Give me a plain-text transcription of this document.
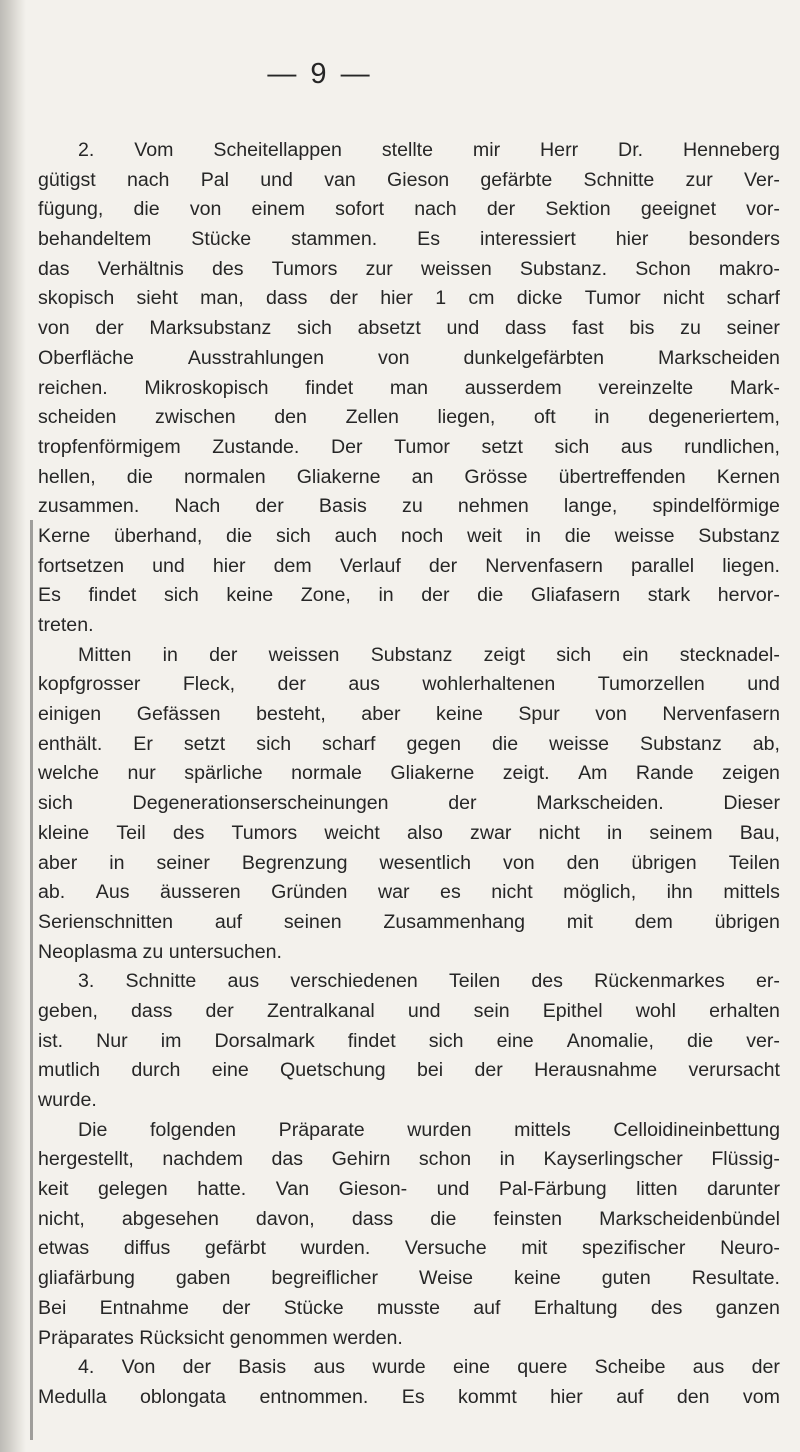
— 9 —
2. Vom Scheitellappen stellte mir Herr Dr. Henneberg
gütigst nach Pal und van Gieson gefärbte Schnitte zur Ver-
fügung, die von einem sofort nach der Sektion geeignet vor-
behandeltem Stücke stammen. Es interessiert hier besonders
das Verhältnis des Tumors zur weissen Substanz. Schon makro-
skopisch sieht man, dass der hier 1 cm dicke Tumor nicht scharf
von der Marksubstanz sich absetzt und dass fast bis zu seiner
Oberfläche	Ausstrahlungen	von	dunkelgefärbten	Markscheiden
reichen. Mikroskopisch findet man ausserdem vereinzelte Mark-
scheiden zwischen den Zellen liegen, oft in degeneriertem,
tropfenförmigem Zustande. Der Tumor setzt sich aus rundlichen,
hellen, die normalen Gliakerne an Grösse übertreffenden Kernen
zusammen. Nach der Basis zu nehmen lange, spindelförmige
Kerne überhand, die sich auch noch weit in die weisse Substanz
fortsetzen und hier dem Verlauf der Nervenfasern parallel liegen.
Es findet sich keine Zone, in der die Gliafasern stark hervor-
treten.
Mitten in der weissen Substanz zeigt sich ein stecknadel-
kopfgrosser Fleck, der aus wohlerhaltenen Tumorzellen und
einigen Gefässen besteht, aber keine Spur von Nervenfasern
enthält. Er setzt sich scharf gegen die weisse Substanz ab,
welche nur spärliche normale Gliakerne zeigt. Am Rande zeigen
sich	Degenerationserscheinungen	der	Markscheiden.	Dieser
kleine Teil des Tumors weicht also zwar nicht in seinem Bau,
aber in seiner Begrenzung wesentlich von den übrigen Teilen
ab. Aus äusseren Gründen war es nicht möglich, ihn mittels
Serienschnitten auf seinen Zusammenhang mit dem übrigen
Neoplasma zu untersuchen.
3. Schnitte aus verschiedenen Teilen des Rückenmarkes er-
geben, dass der Zentralkanal und sein Epithel wohl erhalten
ist. Nur im Dorsalmark findet sich eine Anomalie, die ver-
mutlich durch eine Quetschung bei der Herausnahme verursacht
wurde.
Die folgenden Präparate wurden mittels Celloidineinbettung
hergestellt, nachdem das Gehirn schon in Kayserlingscher Flüssig-
keit gelegen hatte. Van Gieson- und Pal-Färbung litten darunter
nicht, abgesehen davon, dass die feinsten Markscheidenbündel
etwas diffus gefärbt wurden. Versuche mit spezifischer Neuro-
gliafärbung gaben begreiflicher Weise keine guten Resultate.
Bei Entnahme der Stücke musste auf Erhaltung des ganzen
Präparates Rücksicht genommen werden.
4. Von der Basis aus wurde eine quere Scheibe aus der
Medulla oblongata entnommen. Es kommt hier auf den vom
